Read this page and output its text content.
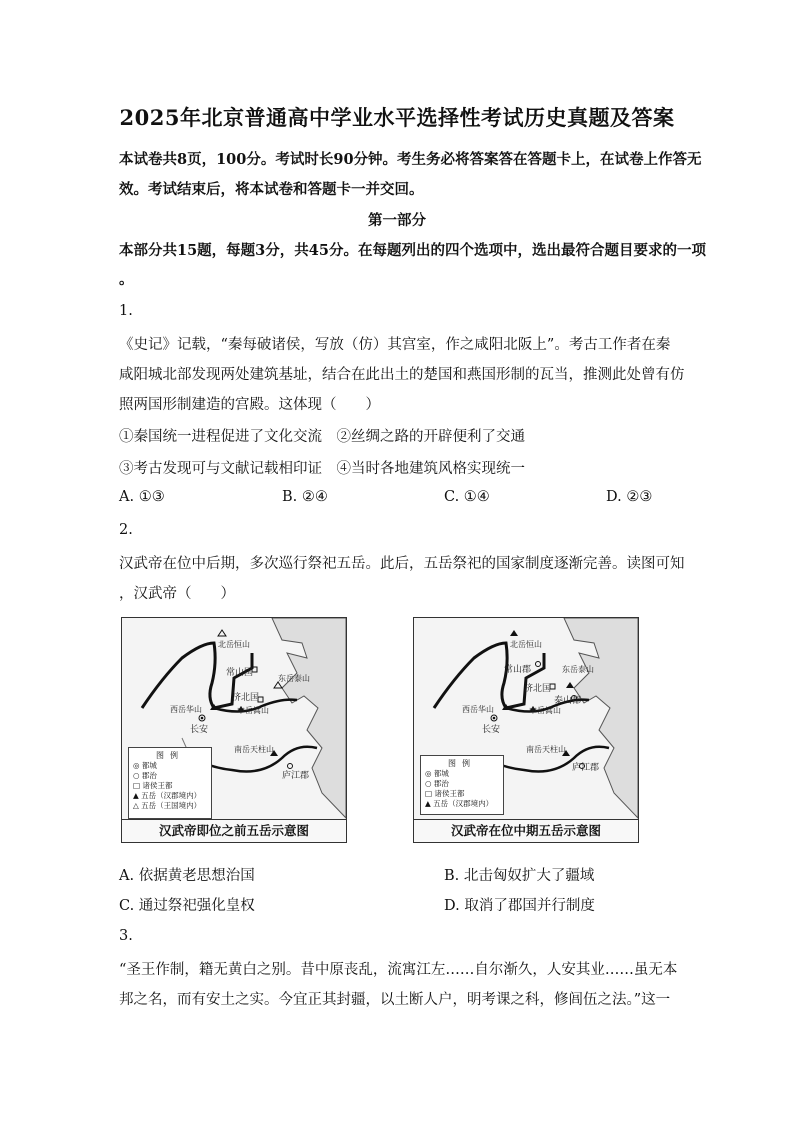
2025年北京普通高中学业水平选择性考试历史真题及答案
本试卷共8页，100分。考试时长90分钟。考生务必将答案答在答题卡上，在试卷上作答无
效。考试结束后，将本试卷和答题卡一并交回。
第一部分
本部分共15题，每题3分，共45分。在每题列出的四个选项中，选出最符合题目要求的一项
。
1.
《史记》记载，“秦每破诸侯，写放（仿）其宫室，作之咸阳北阪上”。考古工作者在秦
咸阳城北部发现两处建筑基址，结合在此出土的楚国和燕国形制的瓦当，推测此处曾有仿
照两国形制建造的宫殿。这体现（　　）
①秦国统一进程促进了文化交流　②丝绸之路的开辟便利了交通
③考古发现可与文献记载相印证　④当时各地建筑风格实现统一
A. ①③	B. ②④	C. ①④	D. ②③
2.
汉武帝在位中后期，多次巡行祭祀五岳。此后，五岳祭祀的国家制度逐渐完善。读图可知
，汉武帝（　　）
北岳恒山
常山国
东岳泰山
济北国
西岳华山	中岳嵩山
长安
南岳天柱山
庐江郡
图例
◎ 都城
○ 郡治
□ 诸侯王都
▲ 五岳（汉郡境内）
△ 五岳（王国境内）
汉武帝即位之前五岳示意图
北岳恒山
常山郡	东岳泰山
济北国
泰山郡
西岳华山	中岳嵩山
长安
南岳天柱山
庐江郡
图例
◎ 都城
○ 郡治
□ 诸侯王都
▲ 五岳（汉郡境内）
汉武帝在位中期五岳示意图
A. 依据黄老思想治国	B. 北击匈奴扩大了疆域
C. 通过祭祀强化皇权	D. 取消了郡国并行制度
3.
“圣王作制，籍无黄白之别。昔中原丧乱，流寓江左……自尔渐久，人安其业……虽无本
邦之名，而有安土之实。今宜正其封疆，以土断人户，明考课之科，修闾伍之法。”这一
